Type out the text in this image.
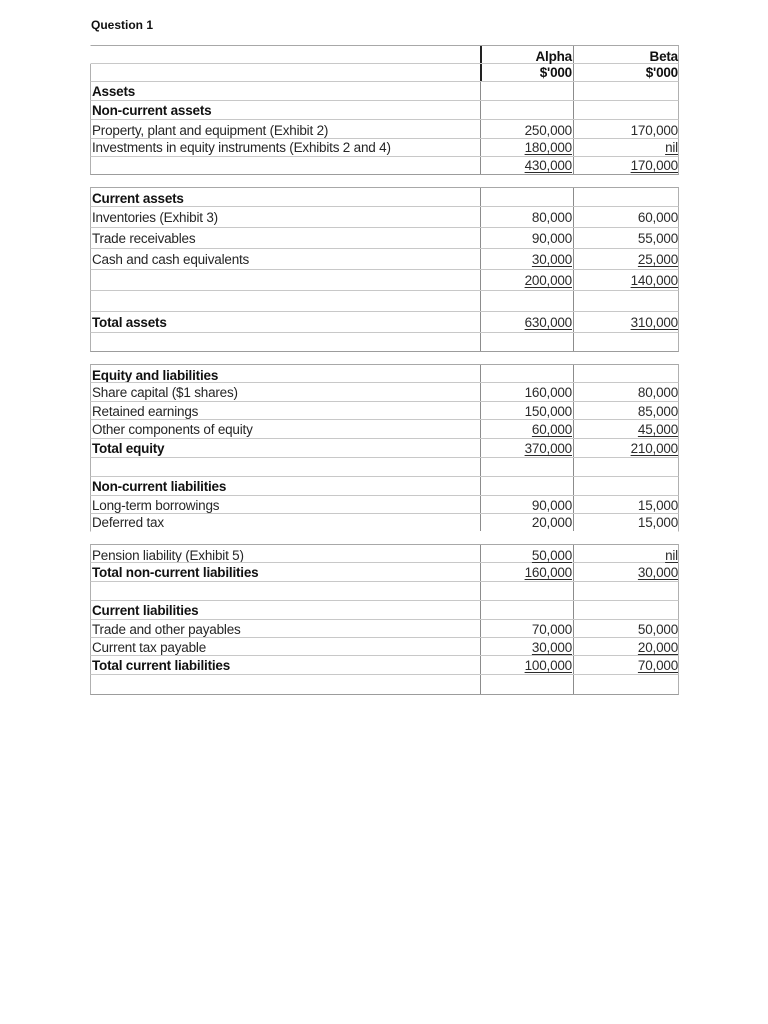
Question 1
Alpha	Beta
$'000	$'000
Assets
Non-current assets
Property, plant and equipment (Exhibit 2)	250,000	170,000
Investments in equity instruments (Exhibits 2 and 4)	180,000	nil
430,000	170,000
Current assets
Inventories (Exhibit 3)	80,000	60,000
Trade receivables	90,000	55,000
Cash and cash equivalents	30,000	25,000
200,000	140,000
Total assets	630,000	310,000
Equity and liabilities
Share capital ($1 shares)	160,000	80,000
Retained earnings	150,000	85,000
Other components of equity	60,000	45,000
Total equity	370,000	210,000
Non-current liabilities
Long-term borrowings	90,000	15,000
Deferred tax	20,000	15,000
Pension liability (Exhibit 5)	50,000	nil
Total non-current liabilities	160,000	30,000
Current liabilities
Trade and other payables	70,000	50,000
Current tax payable	30,000	20,000
Total current liabilities	100,000	70,000
